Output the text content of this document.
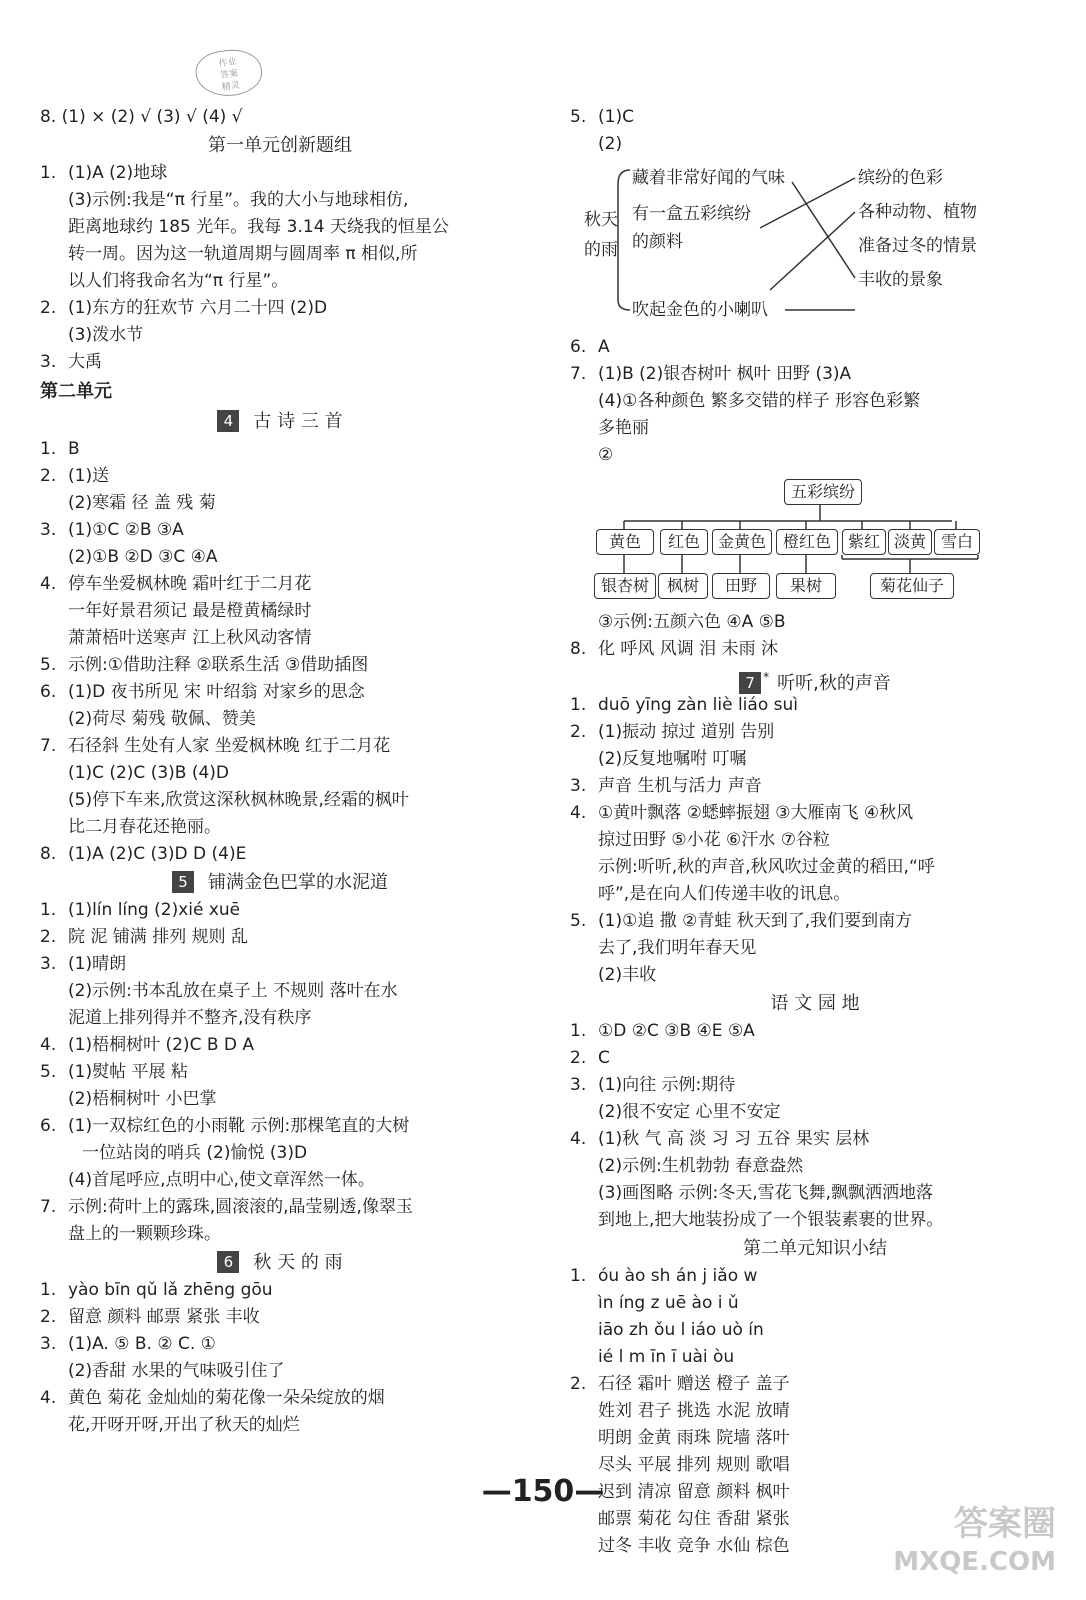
作业
答案
精灵
8. (1) × (2) √ (3) √ (4) √
第一单元创新题组
1. (1)A (2)地球
(3)示例:我是“π 行星”。我的大小与地球相仿,
距离地球约 185 光年。我每 3.14 天绕我的恒星公
转一周。因为这一轨道周期与圆周率 π 相似,所
以人们将我命名为“π 行星”。
2. (1)东方的狂欢节 六月二十四 (2)D
(3)泼水节
3. 大禹
第二单元
4 古 诗 三 首
1. B
2. (1)送
(2)寒霜 径 盖 残 菊
3. (1)①C ②B ③A
(2)①B ②D ③C ④A
4. 停车坐爱枫林晚 霜叶红于二月花
一年好景君须记 最是橙黄橘绿时
萧萧梧叶送寒声 江上秋风动客情
5. 示例:①借助注释 ②联系生活 ③借助插图
6. (1)D 夜书所见 宋 叶绍翁 对家乡的思念
(2)荷尽 菊残 敬佩、赞美
7. 石径斜 生处有人家 坐爱枫林晚 红于二月花
(1)C (2)C (3)B (4)D
(5)停下车来,欣赏这深秋枫林晚景,经霜的枫叶
比二月春花还艳丽。
8. (1)A (2)C (3)D D (4)E
5 铺满金色巴掌的水泥道
1. (1)lín líng (2)xié xuē
2. 院 泥 铺满 排列 规则 乱
3. (1)晴朗
(2)示例:书本乱放在桌子上 不规则 落叶在水
泥道上排列得并不整齐,没有秩序
4. (1)梧桐树叶 (2)C B D A
5. (1)熨帖 平展 粘
(2)梧桐树叶 小巴掌
6. (1)一双棕红色的小雨靴 示例:那棵笔直的大树
一位站岗的哨兵 (2)愉悦 (3)D
(4)首尾呼应,点明中心,使文章浑然一体。
7. 示例:荷叶上的露珠,圆滚滚的,晶莹剔透,像翠玉
盘上的一颗颗珍珠。
6 秋 天 的 雨
1. yào bīn qǔ lǎ zhēng gōu
2. 留意 颜料 邮票 紧张 丰收
3. (1)A. ⑤ B. ② C. ①
(2)香甜 水果的气味吸引住了
4. 黄色 菊花 金灿灿的菊花像一朵朵绽放的烟
花,开呀开呀,开出了秋天的灿烂
5. (1)C
(2)
秋天
的雨
藏着非常好闻的气味
有一盒五彩缤纷
的颜料
吹起金色的小喇叭
缤纷的色彩
各种动物、植物
准备过冬的情景
丰收的景象
6. A
7. (1)B (2)银杏树叶 枫叶 田野 (3)A
(4)①各种颜色 繁多交错的样子 形容色彩繁
多艳丽
②
五彩缤纷
黄色	红色	金黄色	橙红色	紫红 淡黄 雪白
银杏树	枫树	田野	果树	菊花仙子
③示例:五颜六色 ④A ⑤B
8. 化 呼风 风调 泪 未雨 沐
7 * 听听,秋的声音
1. duō yīng zàn liè liáo suì
2. (1)振动 掠过 道别 告别
(2)反复地嘱咐 叮嘱
3. 声音 生机与活力 声音
4. ①黄叶飘落 ②蟋蟀振翅 ③大雁南飞 ④秋风
掠过田野 ⑤小花 ⑥汗水 ⑦谷粒
示例:听听,秋的声音,秋风吹过金黄的稻田,“呼
呼”,是在向人们传递丰收的讯息。
5. (1)①追 撒 ②青蛙 秋天到了,我们要到南方
去了,我们明年春天见
(2)丰收
语 文 园 地
1. ①D ②C ③B ④E ⑤A
2. C
3. (1)向往 示例:期待
(2)很不安定 心里不安定
4. (1)秋 气 高 淡 习 习 五谷 果实 层林
(2)示例:生机勃勃 春意盎然
(3)画图略 示例:冬天,雪花飞舞,飘飘洒洒地落
到地上,把大地装扮成了一个银装素裹的世界。
第二单元知识小结
1. óu ào sh án j iǎo w
ìn íng z uē ào i ǔ
iāo zh ǒu l iáo uò ín
ié l m īn ī uài òu
2. 石径 霜叶 赠送 橙子 盖子
姓刘 君子 挑选 水泥 放晴
明朗 金黄 雨珠 院墙 落叶
尽头 平展 排列 规则 歌唱
迟到 清凉 留意 颜料 枫叶
邮票 菊花 勾住 香甜 紧张
过冬 丰收 竞争 水仙 棕色
—150—
答案圈
MXQE.COM
